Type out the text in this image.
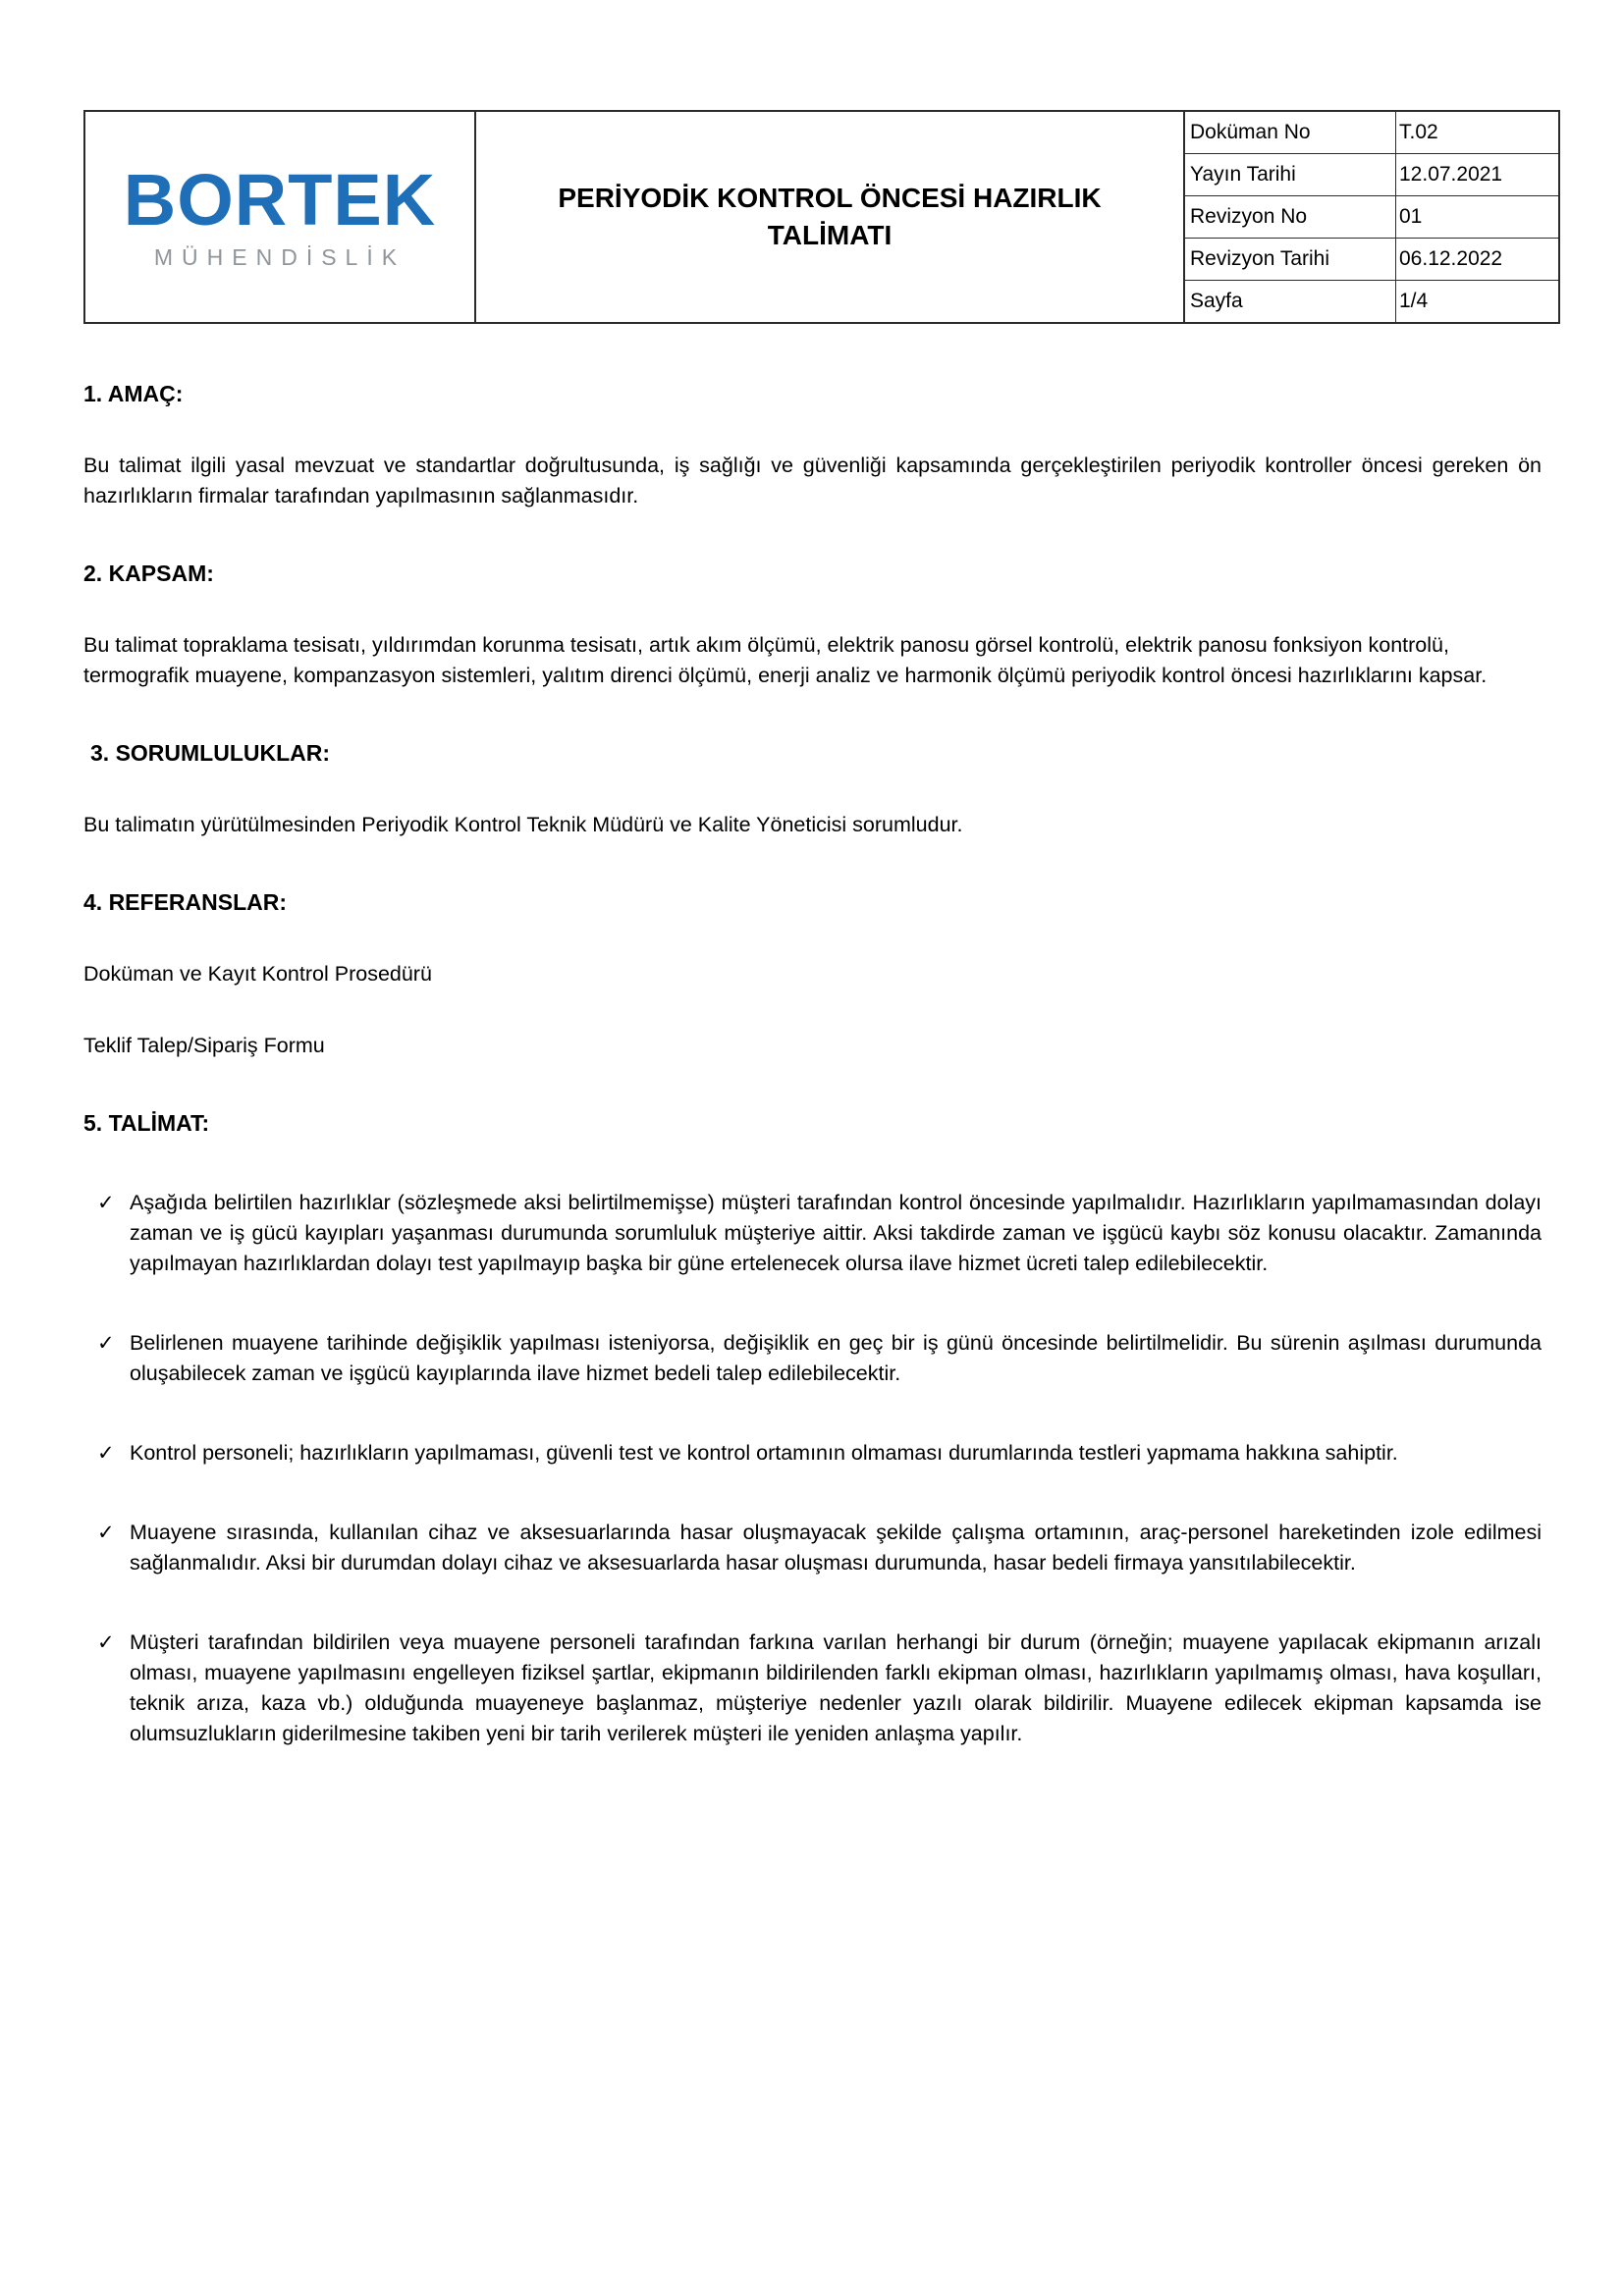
BORTEK
MÜHENDİSLİK	PERİYODİK KONTROL ÖNCESİ HAZIRLIK TALİMATI	Doküman No	T.02
		Yayın Tarihi	12.07.2021
		Revizyon No	01
		Revizyon Tarihi	06.12.2022
		Sayfa	1/4
1. AMAÇ:

Bu talimat ilgili yasal mevzuat ve standartlar doğrultusunda, iş sağlığı ve güvenliği kapsamında gerçekleştirilen periyodik kontroller öncesi gereken ön hazırlıkların firmalar tarafından yapılmasının sağlanmasıdır.

2. KAPSAM:

Bu talimat topraklama tesisatı, yıldırımdan korunma tesisatı, artık akım ölçümü, elektrik panosu görsel kontrolü, elektrik panosu fonksiyon kontrolü, termografik muayene, kompanzasyon sistemleri, yalıtım direnci ölçümü, enerji analiz ve harmonik ölçümü periyodik kontrol öncesi hazırlıklarını kapsar.

3. SORUMLULUKLAR:

Bu talimatın yürütülmesinden Periyodik Kontrol Teknik Müdürü ve Kalite Yöneticisi sorumludur.

4. REFERANSLAR:

Doküman ve Kayıt Kontrol Prosedürü

Teklif Talep/Sipariş Formu

5. TALİMAT:
✓ Aşağıda belirtilen hazırlıklar (sözleşmede aksi belirtilmemişse) müşteri tarafından kontrol öncesinde yapılmalıdır. Hazırlıkların yapılmamasından dolayı zaman ve iş gücü kayıpları yaşanması durumunda sorumluluk müşteriye aittir. Aksi takdirde zaman ve işgücü kaybı söz konusu olacaktır. Zamanında yapılmayan hazırlıklardan dolayı test yapılmayıp başka bir güne ertelenecek olursa ilave hizmet ücreti talep edilebilecektir.
✓ Belirlenen muayene tarihinde değişiklik yapılması isteniyorsa, değişiklik en geç bir iş günü öncesinde belirtilmelidir. Bu sürenin aşılması durumunda oluşabilecek zaman ve işgücü kayıplarında ilave hizmet bedeli talep edilebilecektir.
✓ Kontrol personeli; hazırlıkların yapılmaması, güvenli test ve kontrol ortamının olmaması durumlarında testleri yapmama hakkına sahiptir.
✓ Muayene sırasında, kullanılan cihaz ve aksesuarlarında hasar oluşmayacak şekilde çalışma ortamının, araç-personel hareketinden izole edilmesi sağlanmalıdır. Aksi bir durumdan dolayı cihaz ve aksesuarlarda hasar oluşması durumunda, hasar bedeli firmaya yansıtılabilecektir.
✓ Müşteri tarafından bildirilen veya muayene personeli tarafından farkına varılan herhangi bir durum (örneğin; muayene yapılacak ekipmanın arızalı olması, muayene yapılmasını engelleyen fiziksel şartlar, ekipmanın bildirilenden farklı ekipman olması, hazırlıkların yapılmamış olması, hava koşulları, teknik arıza, kaza vb.) olduğunda muayeneye başlanmaz, müşteriye nedenler yazılı olarak bildirilir. Muayene edilecek ekipman kapsamda ise olumsuzlukların giderilmesine takiben yeni bir tarih verilerek müşteri ile yeniden anlaşma yapılır.
